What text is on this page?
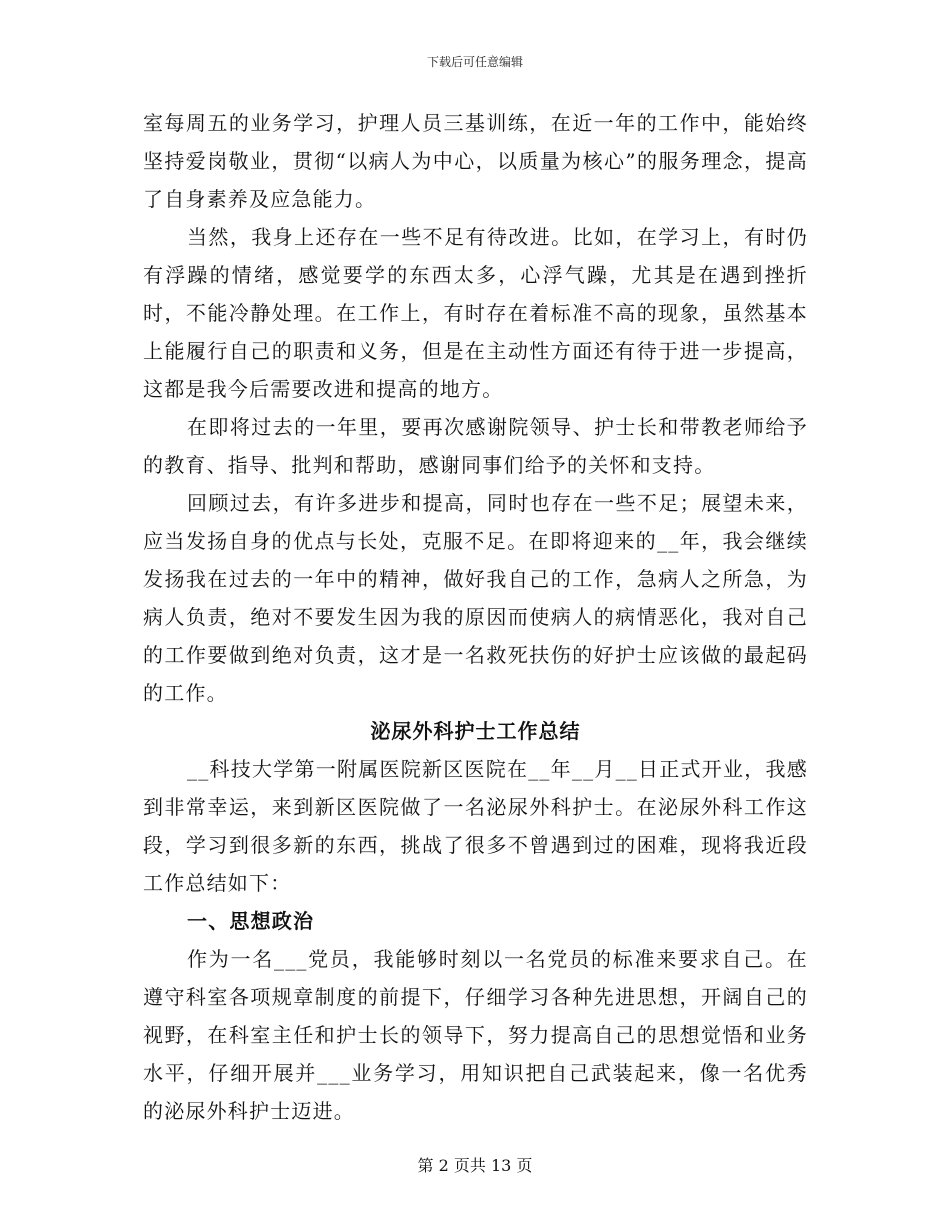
下载后可任意编辑

室每周五的业务学习，护理人员三基训练，在近一年的工作中，能始终坚持爱岗敬业，贯彻“以病人为中心，以质量为核心”的服务理念，提高了自身素养及应急能力。

当然，我身上还存在一些不足有待改进。比如，在学习上，有时仍有浮躁的情绪，感觉要学的东西太多，心浮气躁，尤其是在遇到挫折时，不能冷静处理。在工作上，有时存在着标准不高的现象，虽然基本上能履行自己的职责和义务，但是在主动性方面还有待于进一步提高，这都是我今后需要改进和提高的地方。

在即将过去的一年里，要再次感谢院领导、护士长和带教老师给予的教育、指导、批判和帮助，感谢同事们给予的关怀和支持。

回顾过去，有许多进步和提高，同时也存在一些不足；展望未来，应当发扬自身的优点与长处，克服不足。在即将迎来的__年，我会继续发扬我在过去的一年中的精神，做好我自己的工作，急病人之所急，为病人负责，绝对不要发生因为我的原因而使病人的病情恶化，我对自己的工作要做到绝对负责，这才是一名救死扶伤的好护士应该做的最起码的工作。

泌尿外科护士工作总结

__科技大学第一附属医院新区医院在__年__月__日正式开业，我感到非常幸运，来到新区医院做了一名泌尿外科护士。在泌尿外科工作这段，学习到很多新的东西，挑战了很多不曾遇到过的困难，现将我近段工作总结如下：

一、思想政治

作为一名___党员，我能够时刻以一名党员的标准来要求自己。在遵守科室各项规章制度的前提下，仔细学习各种先进思想，开阔自己的视野，在科室主任和护士长的领导下，努力提高自己的思想觉悟和业务水平，仔细开展并___业务学习，用知识把自己武装起来，像一名优秀的泌尿外科护士迈进。

第 2 页共 13 页
